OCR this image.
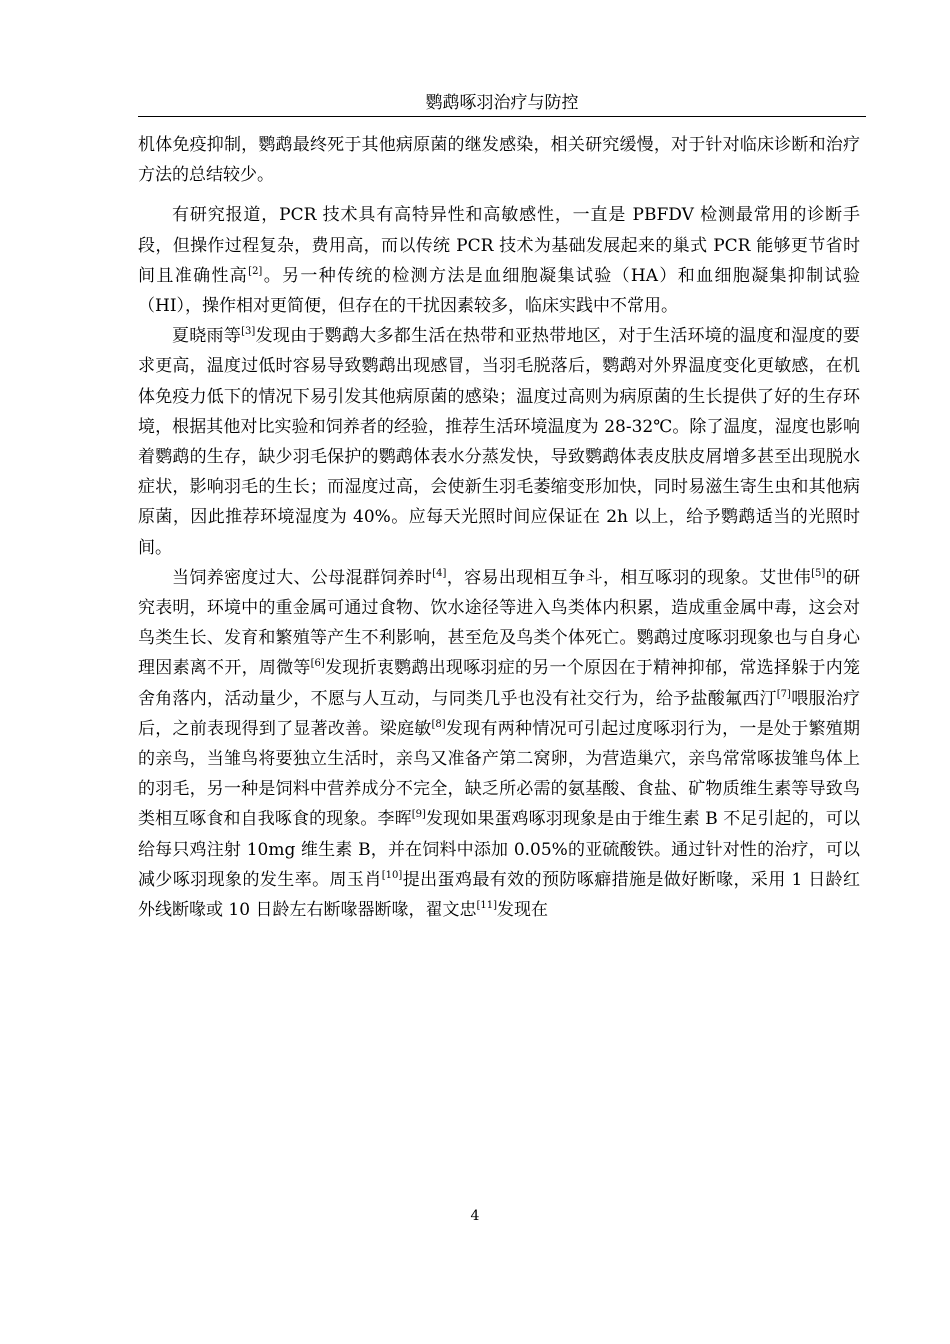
鹦鹉啄羽治疗与防控

机体免疫抑制，鹦鹉最终死于其他病原菌的继发感染，相关研究缓慢，对于针对临床诊断和治疗方法的总结较少。

有研究报道，PCR 技术具有高特异性和高敏感性，一直是 PBFDV 检测最常用的诊断手段，但操作过程复杂，费用高，而以传统 PCR 技术为基础发展起来的巢式 PCR 能够更节省时间且准确性高[2]。另一种传统的检测方法是血细胞凝集试验（HA）和血细胞凝集抑制试验（HI），操作相对更简便，但存在的干扰因素较多，临床实践中不常用。

夏晓雨等[3]发现由于鹦鹉大多都生活在热带和亚热带地区，对于生活环境的温度和湿度的要求更高，温度过低时容易导致鹦鹉出现感冒，当羽毛脱落后，鹦鹉对外界温度变化更敏感，在机体免疫力低下的情况下易引发其他病原菌的感染；温度过高则为病原菌的生长提供了好的生存环境，根据其他对比实验和饲养者的经验，推荐生活环境温度为 28-32℃。除了温度，湿度也影响着鹦鹉的生存，缺少羽毛保护的鹦鹉体表水分蒸发快，导致鹦鹉体表皮肤皮屑增多甚至出现脱水症状，影响羽毛的生长；而湿度过高，会使新生羽毛萎缩变形加快，同时易滋生寄生虫和其他病原菌，因此推荐环境湿度为 40%。应每天光照时间应保证在 2h 以上，给予鹦鹉适当的光照时间。

当饲养密度过大、公母混群饲养时[4]，容易出现相互争斗，相互啄羽的现象。艾世伟[5]的研究表明，环境中的重金属可通过食物、饮水途径等进入鸟类体内积累，造成重金属中毒，这会对鸟类生长、发育和繁殖等产生不利影响，甚至危及鸟类个体死亡。鹦鹉过度啄羽现象也与自身心理因素离不开，周微等[6]发现折衷鹦鹉出现啄羽症的另一个原因在于精神抑郁，常选择躲于内笼舍角落内，活动量少，不愿与人互动，与同类几乎也没有社交行为，给予盐酸氟西汀[7]喂服治疗后，之前表现得到了显著改善。梁庭敏[8]发现有两种情况可引起过度啄羽行为，一是处于繁殖期的亲鸟，当雏鸟将要独立生活时，亲鸟又准备产第二窝卵，为营造巢穴，亲鸟常常啄拔雏鸟体上的羽毛，另一种是饲料中营养成分不完全，缺乏所必需的氨基酸、食盐、矿物质维生素等导致鸟类相互啄食和自我啄食的现象。李晖[9]发现如果蛋鸡啄羽现象是由于维生素 B 不足引起的，可以给每只鸡注射 10mg 维生素 B，并在饲料中添加 0.05%的亚硫酸铁。通过针对性的治疗，可以减少啄羽现象的发生率。周玉肖[10]提出蛋鸡最有效的预防啄癖措施是做好断喙，采用 1 日龄红外线断喙或 10 日龄左右断喙器断喙，翟文忠[11]发现在

4
